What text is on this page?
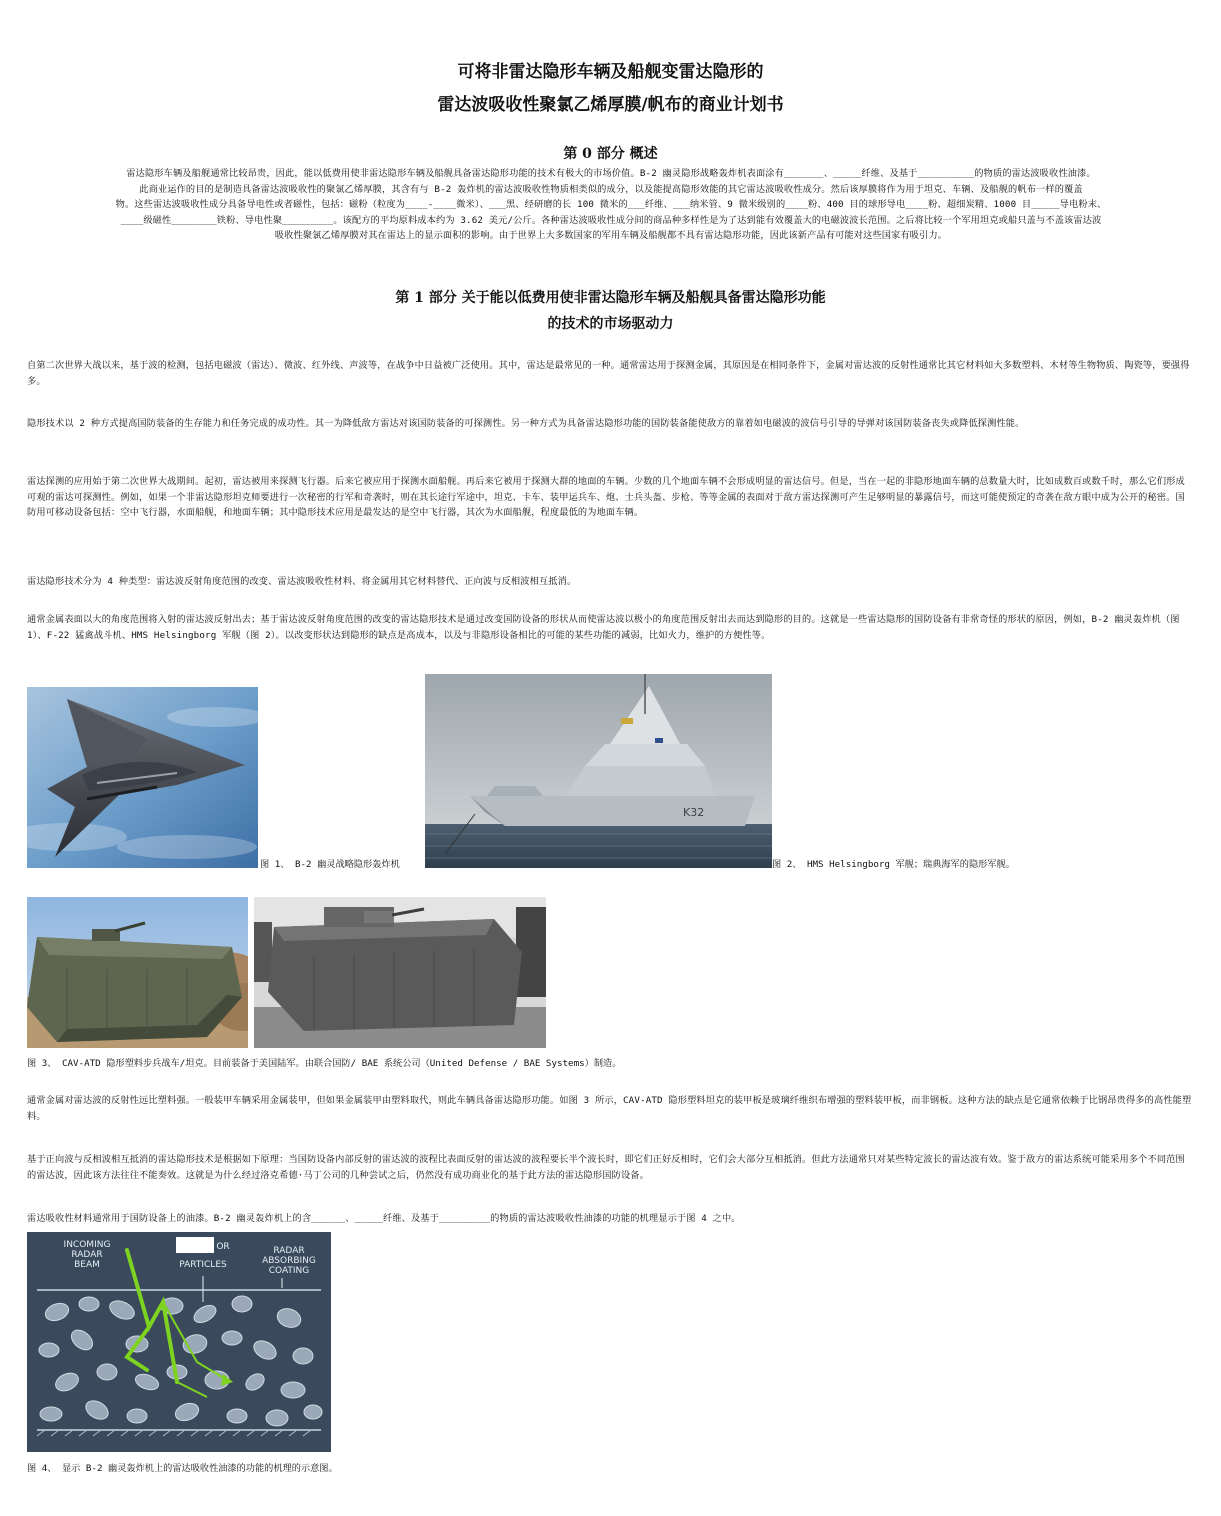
可将非雷达隐形车辆及船舰变雷达隐形的
雷达波吸收性聚氯乙烯厚膜/帆布的商业计划书
第 0 部分 概述
雷达隐形车辆及船舰通常比较昂贵，因此，能以低费用使非雷达隐形车辆及船舰具备雷达隐形功能的技术有极大的市场价值。B-2 幽灵隐形战略轰炸机表面涂有_______、_____纤维、及基于__________的物质的雷达波吸收性油漆。
此商业运作的目的是制造具备雷达波吸收性的聚氯乙烯厚膜，其含有与 B-2 轰炸机的雷达波吸收性物质相类似的成分，以及能提高隐形效能的其它雷达波吸收性成分。然后该厚膜将作为用于坦克、车辆、及船舰的帆布一样的覆盖
物。这些雷达波吸收性成分具备导电性或者磁性，包括：磁粉（粒度为____-____微米）、___黑、经研磨的长 100 微米的___纤维、___纳米管、9 微米级别的____粉、400 目的球形导电____粉、超细炭精、1000 目_____导电粉末、
____级磁性________铁粉、导电性聚_________。该配方的平均原料成本约为 3.62 美元/公斤。各种雷达波吸收性成分间的商品种多样性是为了达到能有效覆盖大的电磁波波长范围。之后将比较一个军用坦克或船只盖与不盖该雷达波
吸收性聚氯乙烯厚膜对其在雷达上的显示面积的影响。由于世界上大多数国家的军用车辆及船舰都不具有雷达隐形功能，因此该新产品有可能对这些国家有吸引力。
第 1 部分 关于能以低费用使非雷达隐形车辆及船舰具备雷达隐形功能
的技术的市场驱动力
自第二次世界大战以来，基于波的检测，包括电磁波（雷达）、微波、红外线、声波等，在战争中日益被广泛使用。其中，雷达是最常见的一种。通常雷达用于探测金属，其原因是在相同条件下，金属对雷达波的反射性通常比其它材料如大多数塑料、木材等生物物质、陶瓷等，要强得多。
隐形技术以 2 种方式提高国防装备的生存能力和任务完成的成功性。其一为降低敌方雷达对该国防装备的可探测性。另一种方式为具备雷达隐形功能的国防装备能使敌方的靠着如电磁波的波信号引导的导弹对该国防装备丧失或降低探测性能。
雷达探测的应用始于第二次世界大战期间。起初，雷达被用来探测飞行器。后来它被应用于探测水面船舰。再后来它被用于探测大群的地面的车辆。少数的几个地面车辆不会形成明显的雷达信号。但是，当在一起的非隐形地面车辆的总数量大时，比如成数百或数千时，那么它们形成可观的雷达可探测性。例如，如果一个非雷达隐形坦克师要进行一次秘密的行军和奇袭时，则在其长途行军途中，坦克、卡车、装甲运兵车、炮、士兵头盔、步枪、等等金属的表面对于敌方雷达探测可产生足够明显的暴露信号，而这可能使预定的奇袭在敌方眼中成为公开的秘密。国防用可移动设备包括：空中飞行器，水面船舰，和地面车辆；其中隐形技术应用是最发达的是空中飞行器，其次为水面船舰，程度最低的为地面车辆。
雷达隐形技术分为 4 种类型：雷达波反射角度范围的改变、雷达波吸收性材料、将金属用其它材料替代、正向波与反相波相互抵消。
通常金属表面以大的角度范围将入射的雷达波反射出去；基于雷达波反射角度范围的改变的雷达隐形技术是通过改变国防设备的形状从而使雷达波以极小的角度范围反射出去而达到隐形的目的。这就是一些雷达隐形的国防设备有非常奇怪的形状的原因，例如，B-2 幽灵轰炸机（图 1）、F-22 猛禽战斗机、HMS Helsingborg 军舰（图 2）。以改变形状达到隐形的缺点是高成本，以及与非隐形设备相比的可能的某些功能的减弱，比如火力，维护的方便性等。
图 1、 B-2 幽灵战略隐形轰炸机
K32
图 2、 HMS Helsingborg 军舰；瑞典海军的隐形军舰。
图 3、 CAV-ATD 隐形塑料步兵战车/坦克。目前装备于美国陆军。由联合国防/ BAE 系统公司（United Defense / BAE Systems）制造。
通常金属对雷达波的反射性远比塑料强。一般装甲车辆采用金属装甲，但如果金属装甲由塑料取代，则此车辆具备雷达隐形功能。如图 3 所示，CAV-ATD 隐形塑料坦克的装甲板是玻璃纤维织布增强的塑料装甲板，而非钢板。这种方法的缺点是它通常依赖于比钢昂贵得多的高性能塑料。
基于正向波与反相波相互抵消的雷达隐形技术是根据如下原理：当国防设备内部反射的雷达波的波程比表面反射的雷达波的波程要长半个波长时，即它们正好反相时，它们会大部分互相抵消。但此方法通常只对某些特定波长的雷达波有效。鉴于敌方的雷达系统可能采用多个不同范围的雷达波，因此该方法往往不能奏效。这就是为什么经过洛克希德·马丁公司的几种尝试之后，仍然没有成功商业化的基于此方法的雷达隐形国防设备。
雷达吸收性材料通常用于国防设备上的油漆。B-2 幽灵轰炸机上的含______、_____纤维、及基于_________的物质的雷达波吸收性油漆的功能的机理显示于图 4 之中。
INCOMING
RADAR
BEAM
OR
PARTICLES
RADAR
ABSORBING
COATING
图 4、 显示 B-2 幽灵轰炸机上的雷达吸收性油漆的功能的机理的示意图。
